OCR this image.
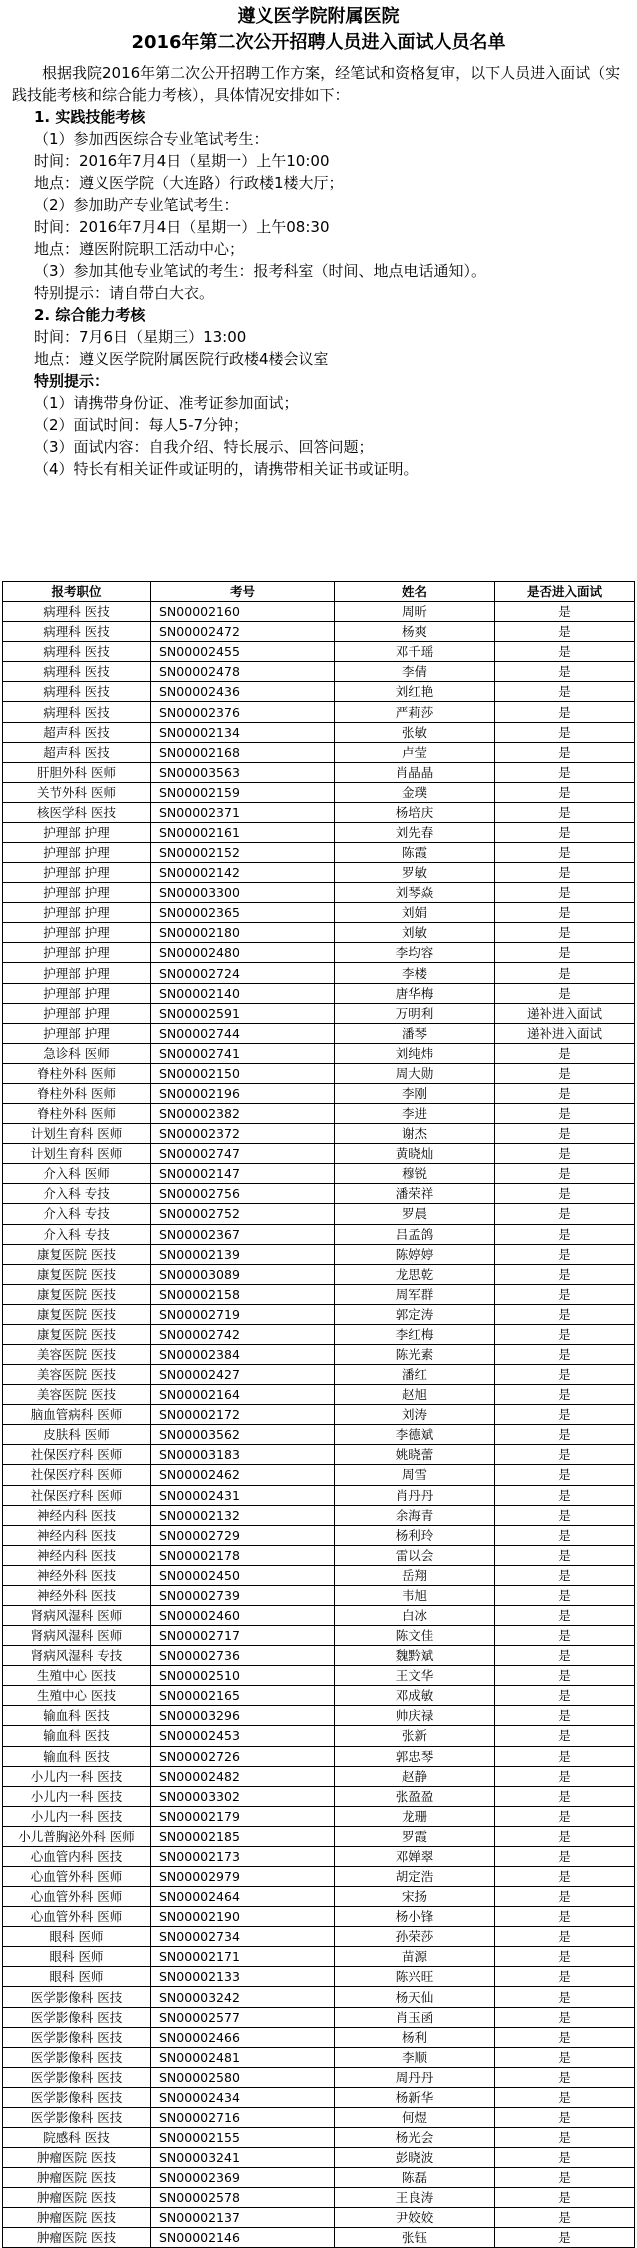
遵义医学院附属医院
2016年第二次公开招聘人员进入面试人员名单
根据我院2016年第二次公开招聘工作方案，经笔试和资格复审，以下人员进入面试（实践技能考核和综合能力考核），具体情况安排如下：
1. 实践技能考核
（1）参加西医综合专业笔试考生：
时间：2016年7月4日（星期一）上午10:00
地点：遵义医学院（大连路）行政楼1楼大厅；
（2）参加助产专业笔试考生：
时间：2016年7月4日（星期一）上午08:30
地点：遵医附院职工活动中心；
（3）参加其他专业笔试的考生：报考科室（时间、地点电话通知）。
特别提示：请自带白大衣。
2. 综合能力考核
时间：7月6日（星期三）13:00
地点：遵义医学院附属医院行政楼4楼会议室
特别提示：
（1）请携带身份证、准考证参加面试；
（2）面试时间：每人5-7分钟；
（3）面试内容：自我介绍、特长展示、回答问题；
（4）特长有相关证件或证明的，请携带相关证书或证明。
报考职位	考号	姓名	是否进入面试
病理科 医技	SN00002160	周昕	是
病理科 医技	SN00002472	杨爽	是
病理科 医技	SN00002455	邓千瑶	是
病理科 医技	SN00002478	李倩	是
病理科 医技	SN00002436	刘红艳	是
病理科 医技	SN00002376	严莉莎	是
超声科 医技	SN00002134	张敏	是
超声科 医技	SN00002168	卢莹	是
肝胆外科 医师	SN00003563	肖晶晶	是
关节外科 医师	SN00002159	金璞	是
核医学科 医技	SN00002371	杨培庆	是
护理部 护理	SN00002161	刘先春	是
护理部 护理	SN00002152	陈霞	是
护理部 护理	SN00002142	罗敏	是
护理部 护理	SN00003300	刘琴焱	是
护理部 护理	SN00002365	刘娟	是
护理部 护理	SN00002180	刘敏	是
护理部 护理	SN00002480	李均容	是
护理部 护理	SN00002724	李楼	是
护理部 护理	SN00002140	唐华梅	是
护理部 护理	SN00002591	万明利	递补进入面试
护理部 护理	SN00002744	潘琴	递补进入面试
急诊科 医师	SN00002741	刘纯炜	是
脊柱外科 医师	SN00002150	周大勋	是
脊柱外科 医师	SN00002196	李刚	是
脊柱外科 医师	SN00002382	李进	是
计划生育科 医师	SN00002372	谢杰	是
计划生育科 医师	SN00002747	黄晓灿	是
介入科 医师	SN00002147	穆锐	是
介入科 专技	SN00002756	潘荣祥	是
介入科 专技	SN00002752	罗晨	是
介入科 专技	SN00002367	吕孟鸽	是
康复医院 医技	SN00002139	陈婷婷	是
康复医院 医技	SN00003089	龙思乾	是
康复医院 医技	SN00002158	周军群	是
康复医院 医技	SN00002719	郭定涛	是
康复医院 医技	SN00002742	李红梅	是
美容医院 医技	SN00002384	陈光素	是
美容医院 医技	SN00002427	潘红	是
美容医院 医技	SN00002164	赵旭	是
脑血管病科 医师	SN00002172	刘涛	是
皮肤科 医师	SN00003562	李德斌	是
社保医疗科 医师	SN00003183	姚晓蕾	是
社保医疗科 医师	SN00002462	周雪	是
社保医疗科 医师	SN00002431	肖丹丹	是
神经内科 医技	SN00002132	余海青	是
神经内科 医技	SN00002729	杨利玲	是
神经内科 医技	SN00002178	雷以会	是
神经外科 医技	SN00002450	岳翔	是
神经外科 医技	SN00002739	韦旭	是
肾病风湿科 医师	SN00002460	白冰	是
肾病风湿科 医师	SN00002717	陈文佳	是
肾病风湿科 专技	SN00002736	魏黔斌	是
生殖中心 医技	SN00002510	王文华	是
生殖中心 医技	SN00002165	邓成敏	是
输血科 医技	SN00003296	帅庆禄	是
输血科 医技	SN00002453	张新	是
输血科 医技	SN00002726	郭忠琴	是
小儿内一科 医技	SN00002482	赵静	是
小儿内一科 医技	SN00003302	张盈盈	是
小儿内一科 医技	SN00002179	龙珊	是
小儿普胸泌外科 医师	SN00002185	罗霞	是
心血管内科 医技	SN00002173	邓婵翠	是
心血管外科 医师	SN00002979	胡定浩	是
心血管外科 医师	SN00002464	宋扬	是
心血管外科 医师	SN00002190	杨小锋	是
眼科 医师	SN00002734	孙荣莎	是
眼科 医师	SN00002171	苗源	是
眼科 医师	SN00002133	陈兴旺	是
医学影像科 医技	SN00003242	杨天仙	是
医学影像科 医技	SN00002577	肖玉函	是
医学影像科 医技	SN00002466	杨利	是
医学影像科 医技	SN00002481	李顺	是
医学影像科 医技	SN00002580	周丹丹	是
医学影像科 医技	SN00002434	杨新华	是
医学影像科 医技	SN00002716	何煜	是
院感科 医技	SN00002155	杨光会	是
肿瘤医院 医技	SN00003241	彭晓波	是
肿瘤医院 医技	SN00002369	陈磊	是
肿瘤医院 医技	SN00002578	王良涛	是
肿瘤医院 医技	SN00002137	尹姣姣	是
肿瘤医院 医技	SN00002146	张钰	是
